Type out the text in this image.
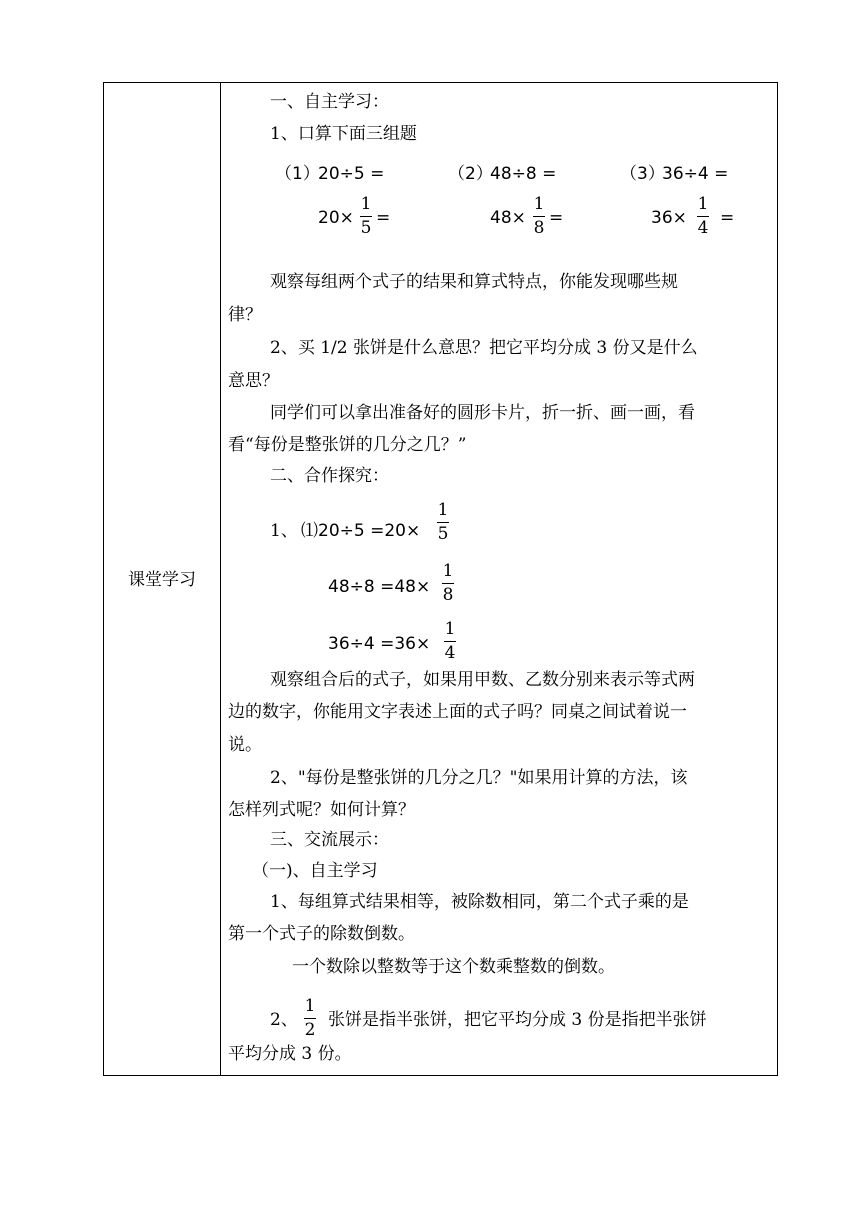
课堂学习
一、自主学习：
1、口算下面三组题
（1）
20÷5 =
20×
1
5 =
（2）
48÷8 =
48×
1
8 =
（3）
36÷4 =
36×
1
4 =
观察每组两个式子的结果和算式特点，你能发现哪些规
律？
2、买 1/2 张饼是什么意思？把它平均分成 3 份又是什么
意思？
同学们可以拿出准备好的圆形卡片，折一折、画一画，看
看“每份是整张饼的几分之几？”
二、合作探究：
1、 ⑴20÷5 =20×
1
5
48÷8 =48×
1
8
36÷4 =36×
1
4
观察组合后的式子，如果用甲数、乙数分别来表示等式两
边的数字，你能用文字表述上面的式子吗？同桌之间试着说一
说。
2、"每份是整张饼的几分之几？"如果用计算的方法，该
怎样列式呢？如何计算？
三、交流展示：
（一)、自主学习
1、每组算式结果相等，被除数相同，第二个式子乘的是
第一个式子的除数倒数。
一个数除以整数等于这个数乘整数的倒数。
2、
1
2 张饼是指半张饼，把它平均分成 3 份是指把半张饼
平均分成 3 份。
